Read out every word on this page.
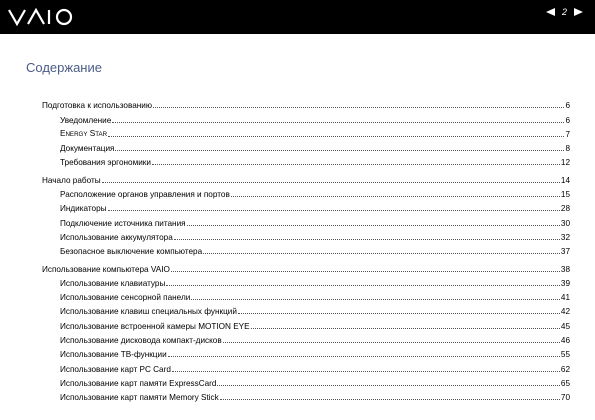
2
Содержание
Подготовка к использованию	6
Уведомление	6
ENERGY STAR	7
Документация	8
Требования эргономики	12
Начало работы	14
Расположение органов управления и портов	15
Индикаторы	28
Подключение источника питания	30
Использование аккумулятора	32
Безопасное выключение компьютера	37
Использование компьютера VAIO	38
Использование клавиатуры	39
Использование сенсорной панели	41
Использование клавиш специальных функций	42
Использование встроенной камеры MOTION EYE	45
Использование дисковода компакт-дисков	46
Использование ТВ-функции	55
Использование карт PC Card	62
Использование карт памяти ExpressCard	65
Использование карт памяти Memory Stick	70
